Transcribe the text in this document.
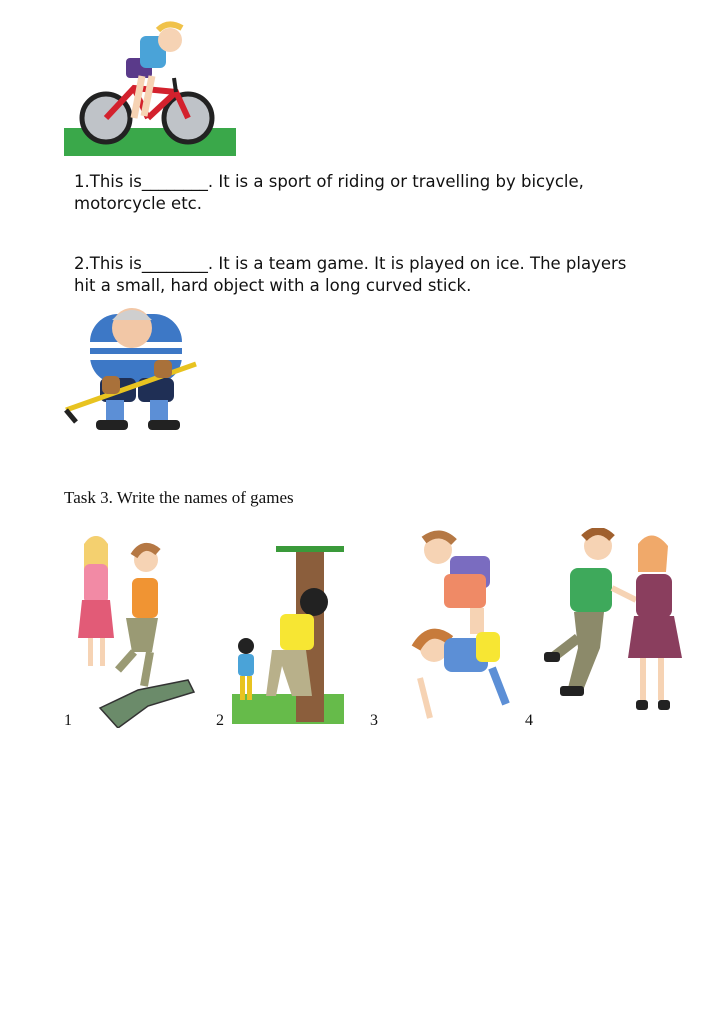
1.This is________. It is a sport of riding or travelling by bicycle,
motorcycle etc.
2.This is________. It is a team game. It is played on ice. The players
hit a small, hard object with a long curved stick.
Task 3. Write the names of games
1	2	3	4
